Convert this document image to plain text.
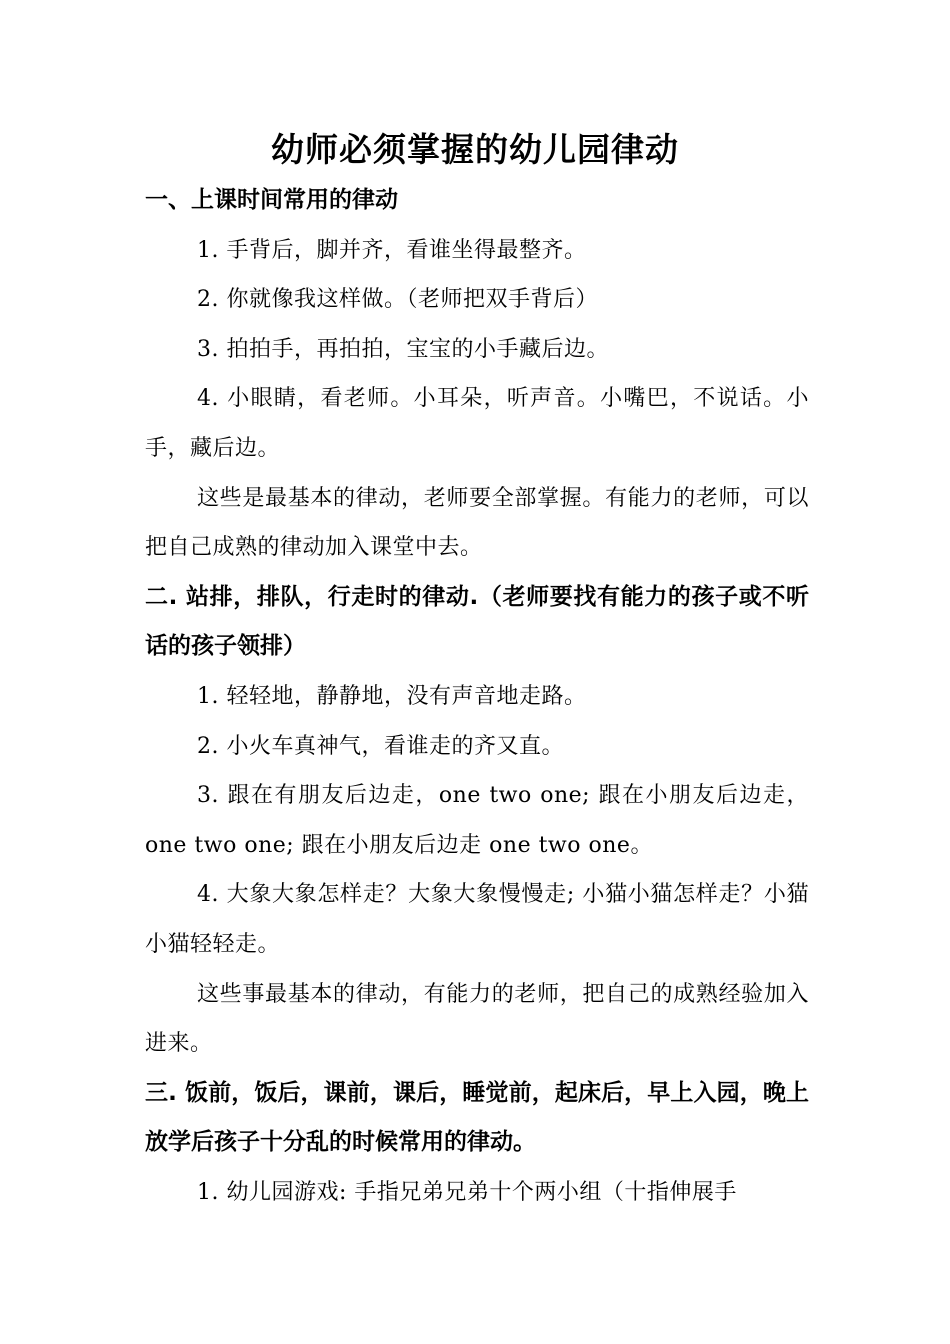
幼师必须掌握的幼儿园律动

一、上课时间常用的律动

1. 手背后，脚并齐，看谁坐得最整齐。

2. 你就像我这样做。（老师把双手背后）

3. 拍拍手，再拍拍，宝宝的小手藏后边。

4. 小眼睛，看老师。小耳朵，听声音。小嘴巴，不说话。小手，藏后边。

这些是最基本的律动，老师要全部掌握。有能力的老师，可以把自己成熟的律动加入课堂中去。

二. 站排，排队，行走时的律动.（老师要找有能力的孩子或不听话的孩子领排）

1. 轻轻地，静静地，没有声音地走路。

2. 小火车真神气，看谁走的齐又直。

3. 跟在有朋友后边走，one two one; 跟在小朋友后边走，one two one; 跟在小朋友后边走 one two one。

4. 大象大象怎样走？大象大象慢慢走; 小猫小猫怎样走？小猫小猫轻轻走。

这些事最基本的律动，有能力的老师，把自己的成熟经验加入进来。

三. 饭前，饭后，课前，课后，睡觉前，起床后，早上入园，晚上放学后孩子十分乱的时候常用的律动。

1. 幼儿园游戏: 手指兄弟兄弟十个两小组（十指伸展手
